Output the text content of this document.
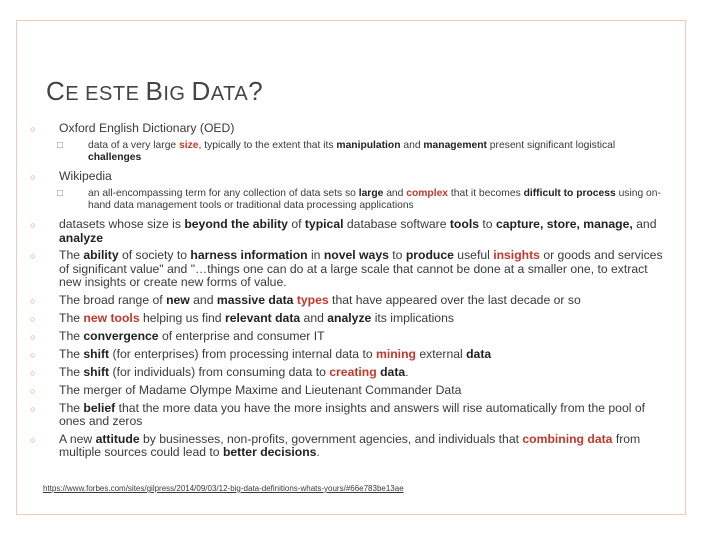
CE ESTE BIG DATA?
○
Oxford English Dictionary (OED)
□
data of a very large size, typically to the extent that its manipulation and management present significant logistical challenges
○
Wikipedia
□
an all-encompassing term for any collection of data sets so large and complex that it becomes difficult to process using on-hand data management tools or traditional data processing applications
○
datasets whose size is beyond the ability of typical database software tools to capture, store, manage, and analyze
○
The ability of society to harness information in novel ways to produce useful insights or goods and services of significant value" and "…things one can do at a large scale that cannot be done at a smaller one, to extract new insights or create new forms of value.
○
The broad range of new and massive data types that have appeared over the last decade or so
○
The new tools helping us find relevant data and analyze its implications
○
The convergence of enterprise and consumer IT
○
The shift (for enterprises) from processing internal data to mining external data
○
The shift (for individuals) from consuming data to creating data.
○
The merger of Madame Olympe Maxime and Lieutenant Commander Data
○
The belief that the more data you have the more insights and answers will rise automatically from the pool of ones and zeros
○
A new attitude by businesses, non-profits, government agencies, and individuals that combining data from multiple sources could lead to better decisions.
https://www.forbes.com/sites/gilpress/2014/09/03/12-big-data-definitions-whats-yours/#66e783be13ae
